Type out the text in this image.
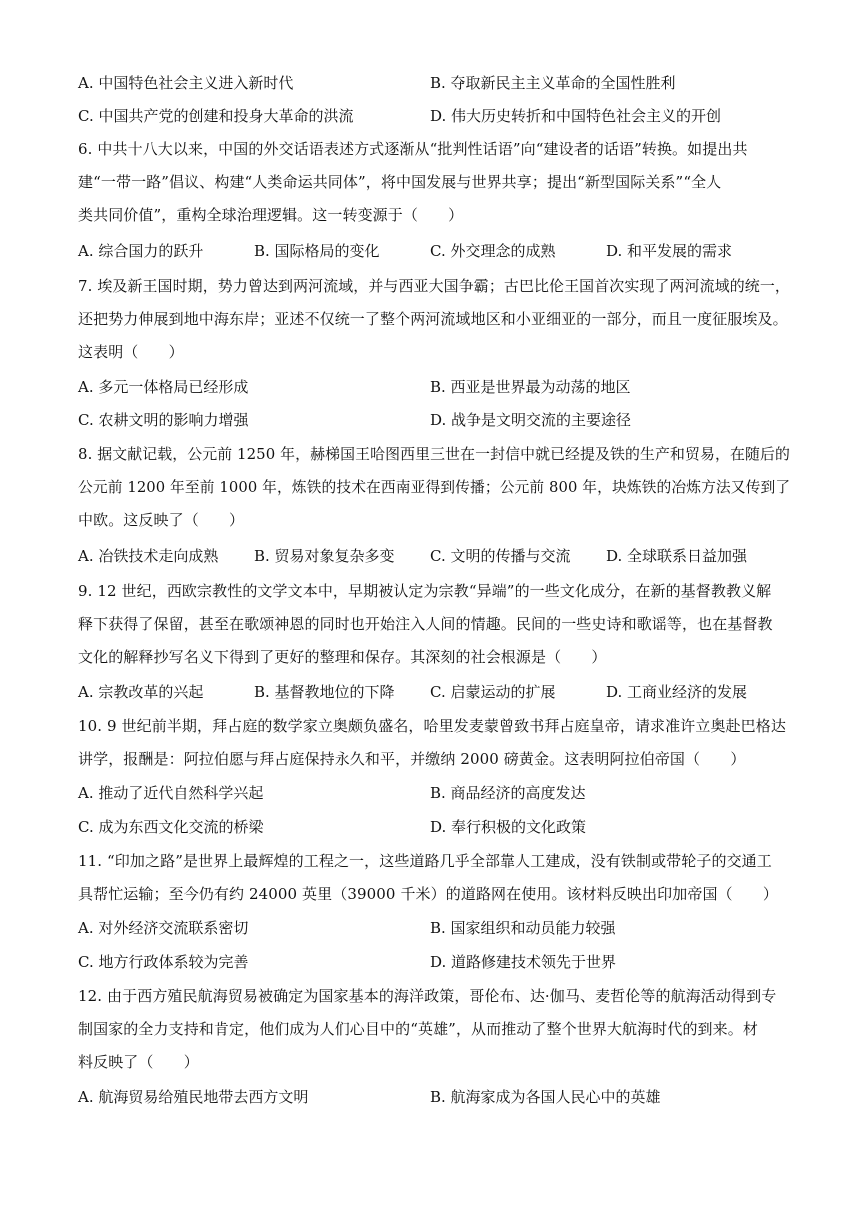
A. 中国特色社会主义进入新时代	B. 夺取新民主主义革命的全国性胜利
C. 中国共产党的创建和投身大革命的洪流	D. 伟大历史转折和中国特色社会主义的开创
6. 中共十八大以来，中国的外交话语表述方式逐渐从“批判性话语”向“建设者的话语”转换。如提出共
建“一带一路”倡议、构建“人类命运共同体”，将中国发展与世界共享；提出“新型国际关系”“全人
类共同价值”，重构全球治理逻辑。这一转变源于（　　）
A. 综合国力的跃升	B. 国际格局的变化	C. 外交理念的成熟	D. 和平发展的需求
7. 埃及新王国时期，势力曾达到两河流域，并与西亚大国争霸；古巴比伦王国首次实现了两河流域的统一，
还把势力伸展到地中海东岸；亚述不仅统一了整个两河流域地区和小亚细亚的一部分，而且一度征服埃及。
这表明（　　）
A. 多元一体格局已经形成	B. 西亚是世界最为动荡的地区
C. 农耕文明的影响力增强	D. 战争是文明交流的主要途径
8. 据文献记载，公元前 1250 年，赫梯国王哈图西里三世在一封信中就已经提及铁的生产和贸易，在随后的
公元前 1200 年至前 1000 年，炼铁的技术在西南亚得到传播；公元前 800 年，块炼铁的冶炼方法又传到了
中欧。这反映了（　　）
A. 冶铁技术走向成熟 B. 贸易对象复杂多变 C. 文明的传播与交流 D. 全球联系日益加强
9. 12 世纪，西欧宗教性的文学文本中，早期被认定为宗教“异端”的一些文化成分，在新的基督教教义解
释下获得了保留，甚至在歌颂神恩的同时也开始注入人间的情趣。民间的一些史诗和歌谣等，也在基督教
文化的解释抄写名义下得到了更好的整理和保存。其深刻的社会根源是（　　）
A. 宗教改革的兴起	B. 基督教地位的下降 C. 启蒙运动的扩展	D. 工商业经济的发展
10. 9 世纪前半期，拜占庭的数学家立奥颇负盛名，哈里发麦蒙曾致书拜占庭皇帝，请求准许立奥赴巴格达
讲学，报酬是：阿拉伯愿与拜占庭保持永久和平，并缴纳 2000 磅黄金。这表明阿拉伯帝国（　　）
A. 推动了近代自然科学兴起	B. 商品经济的高度发达
C. 成为东西文化交流的桥梁	D. 奉行积极的文化政策
11. “印加之路”是世界上最辉煌的工程之一，这些道路几乎全部靠人工建成，没有铁制或带轮子的交通工
具帮忙运输；至今仍有约 24000 英里（39000 千米）的道路网在使用。该材料反映出印加帝国（　　）
A. 对外经济交流联系密切	B. 国家组织和动员能力较强
C. 地方行政体系较为完善	D. 道路修建技术领先于世界
12. 由于西方殖民航海贸易被确定为国家基本的海洋政策，哥伦布、达·伽马、麦哲伦等的航海活动得到专
制国家的全力支持和肯定，他们成为人们心目中的“英雄”，从而推动了整个世界大航海时代的到来。材
料反映了（　　）
A. 航海贸易给殖民地带去西方文明	B. 航海家成为各国人民心中的英雄
